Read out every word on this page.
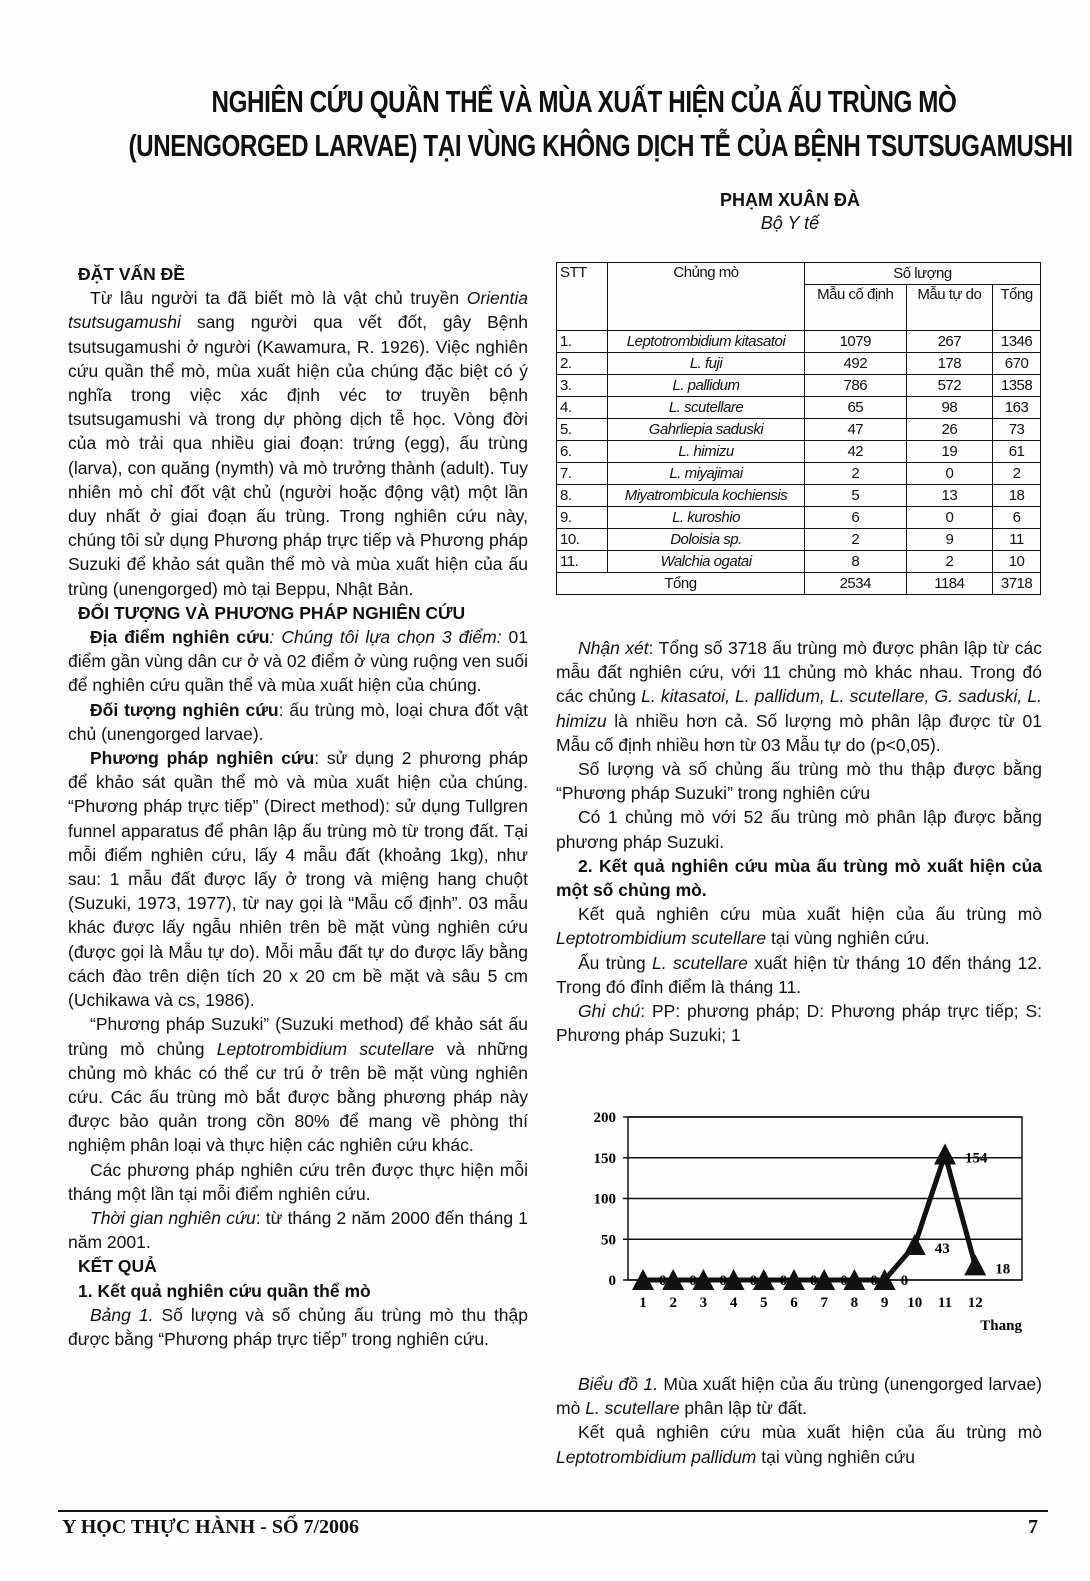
NGHIÊN CỨU QUẦN THỂ VÀ MÙA XUẤT HIỆN CỦA ẤU TRÙNG MÒ
(UNENGORGED LARVAE) TẠI VÙNG KHÔNG DỊCH TỄ CỦA BỆNH TSUTSUGAMUSHI
PHẠM XUÂN ĐÀ
Bộ Y tế

ĐẶT VẤN ĐỀ

Từ lâu người ta đã biết mò là vật chủ truyền Orientia tsutsugamushi sang người qua vết đốt, gây Bệnh tsutsugamushi ở người (Kawamura, R. 1926). Việc nghiên cứu quần thể mò, mùa xuất hiện của chúng đặc biệt có ý nghĩa trong việc xác định véc tơ truyền bệnh tsutsugamushi và trong dự phòng dịch tễ học. Vòng đời của mò trải qua nhiều giai đoạn: trứng (egg), ấu trùng (larva), con quăng (nymth) và mò trưởng thành (adult). Tuy nhiên mò chỉ đốt vật chủ (người hoặc động vật) một lần duy nhất ở giai đoạn ấu trùng. Trong nghiên cứu này, chúng tôi sử dụng Phương pháp trực tiếp và Phương pháp Suzuki để khảo sát quần thể mò và mùa xuất hiện của ấu trùng (unengorged) mò tại Beppu, Nhật Bản.

ĐỐI TƯỢNG VÀ PHƯƠNG PHÁP NGHIÊN CỨU

Địa điểm nghiên cứu: Chúng tôi lựa chọn 3 điểm: 01 điểm gần vùng dân cư ở và 02 điểm ở vùng ruộng ven suối để nghiên cứu quần thể và mùa xuất hiện của chúng.

Đối tượng nghiên cứu: ấu trùng mò, loại chưa đốt vật chủ (unengorged larvae).

Phương pháp nghiên cứu: sử dụng 2 phương pháp để khảo sát quần thể mò và mùa xuất hiện của chúng. “Phương pháp trực tiếp” (Direct method): sử dụng Tullgren funnel apparatus để phân lập ấu trùng mò từ trong đất. Tại mỗi điểm nghiên cứu, lấy 4 mẫu đất (khoảng 1kg), như sau: 1 mẫu đất được lấy ở trong và miệng hang chuột (Suzuki, 1973, 1977), từ nay gọi là “Mẫu cố định”. 03 mẫu khác được lấy ngẫu nhiên trên bề mặt vùng nghiên cứu (được gọi là Mẫu tự do). Mỗi mẫu đất tự do được lấy bằng cách đào trên diện tích 20 x 20 cm bề mặt và sâu 5 cm (Uchikawa và cs, 1986).

“Phương pháp Suzuki” (Suzuki method) để khảo sát ấu trùng mò chủng Leptotrombidium scutellare và những chủng mò khác có thể cư trú ở trên bề mặt vùng nghiên cứu. Các ấu trùng mò bắt được bằng phương pháp này được bảo quản trong cồn 80% để mang về phòng thí nghiệm phân loại và thực hiện các nghiên cứu khác.

Các phương pháp nghiên cứu trên được thực hiện mỗi tháng một lần tại mỗi điểm nghiên cứu.

Thời gian nghiên cứu: từ tháng 2 năm 2000 đến tháng 1 năm 2001.

KẾT QUẢ

1. Kết quả nghiên cứu quần thể mò

Bảng 1. Số lượng và số chủng ấu trùng mò thu thập được bằng “Phương pháp trực tiếp” trong nghiên cứu.

STT	Chủng mò	Số lượng		
		Mẫu cố định	Mẫu tự do	Tổng
1.	Leptotrombidium kitasatoi	1079	267	1346
2.	L. fuji	492	178	670
3.	L. pallidum	786	572	1358
4.	L. scutellare	65	98	163
5.	Gahrliepia saduski	47	26	73
6.	L. himizu	42	19	61
7.	L. miyajimai	2	0	2
8.	Miyatrombicula kochiensis	5	13	18
9.	L. kuroshio	6	0	6
10.	Doloisia sp.	2	9	11
11.	Walchia ogatai	8	2	10
Tổng		2534	1184	3718

Nhận xét: Tổng số 3718 ấu trùng mò được phân lập từ các mẫu đất nghiên cứu, với 11 chủng mò khác nhau. Trong đó các chủng L. kitasatoi, L. pallidum, L. scutellare, G. saduski, L. himizu là nhiều hơn cả. Số lượng mò phân lập được từ 01 Mẫu cố định nhiều hơn từ 03 Mẫu tự do (p<0,05).

Số lượng và số chủng ấu trùng mò thu thập được bằng “Phương pháp Suzuki” trong nghiên cứu

Có 1 chủng mò với 52 ấu trùng mò phân lập được bằng phương pháp Suzuki.

2. Kết quả nghiên cứu mùa ấu trùng mò xuất hiện của một số chủng mò.

Kết quả nghiên cứu mùa xuất hiện của ấu trùng mò Leptotrombidium scutellare tại vùng nghiên cứu.

Ấu trùng L. scutellare xuất hiện từ tháng 10 đến tháng 12. Trong đó đỉnh điểm là tháng 11.

Ghi chú: PP: phương pháp; D: Phương pháp trực tiếp; S: Phương pháp Suzuki; 1

0
50
100
150
200
1
0
2
0
3
0
4
0
5
0
6
0
7
0
8
0
9
0
10
43
11
154
12
18
Thang

Biểu đồ 1. Mùa xuất hiện của ấu trùng (unengorged larvae) mò L. scutellare phân lập từ đất.

Kết quả nghiên cứu mùa xuất hiện của ấu trùng mò Leptotrombidium pallidum tại vùng nghiên cứu

Y HỌC THỰC HÀNH - SỐ 7/2006	7
